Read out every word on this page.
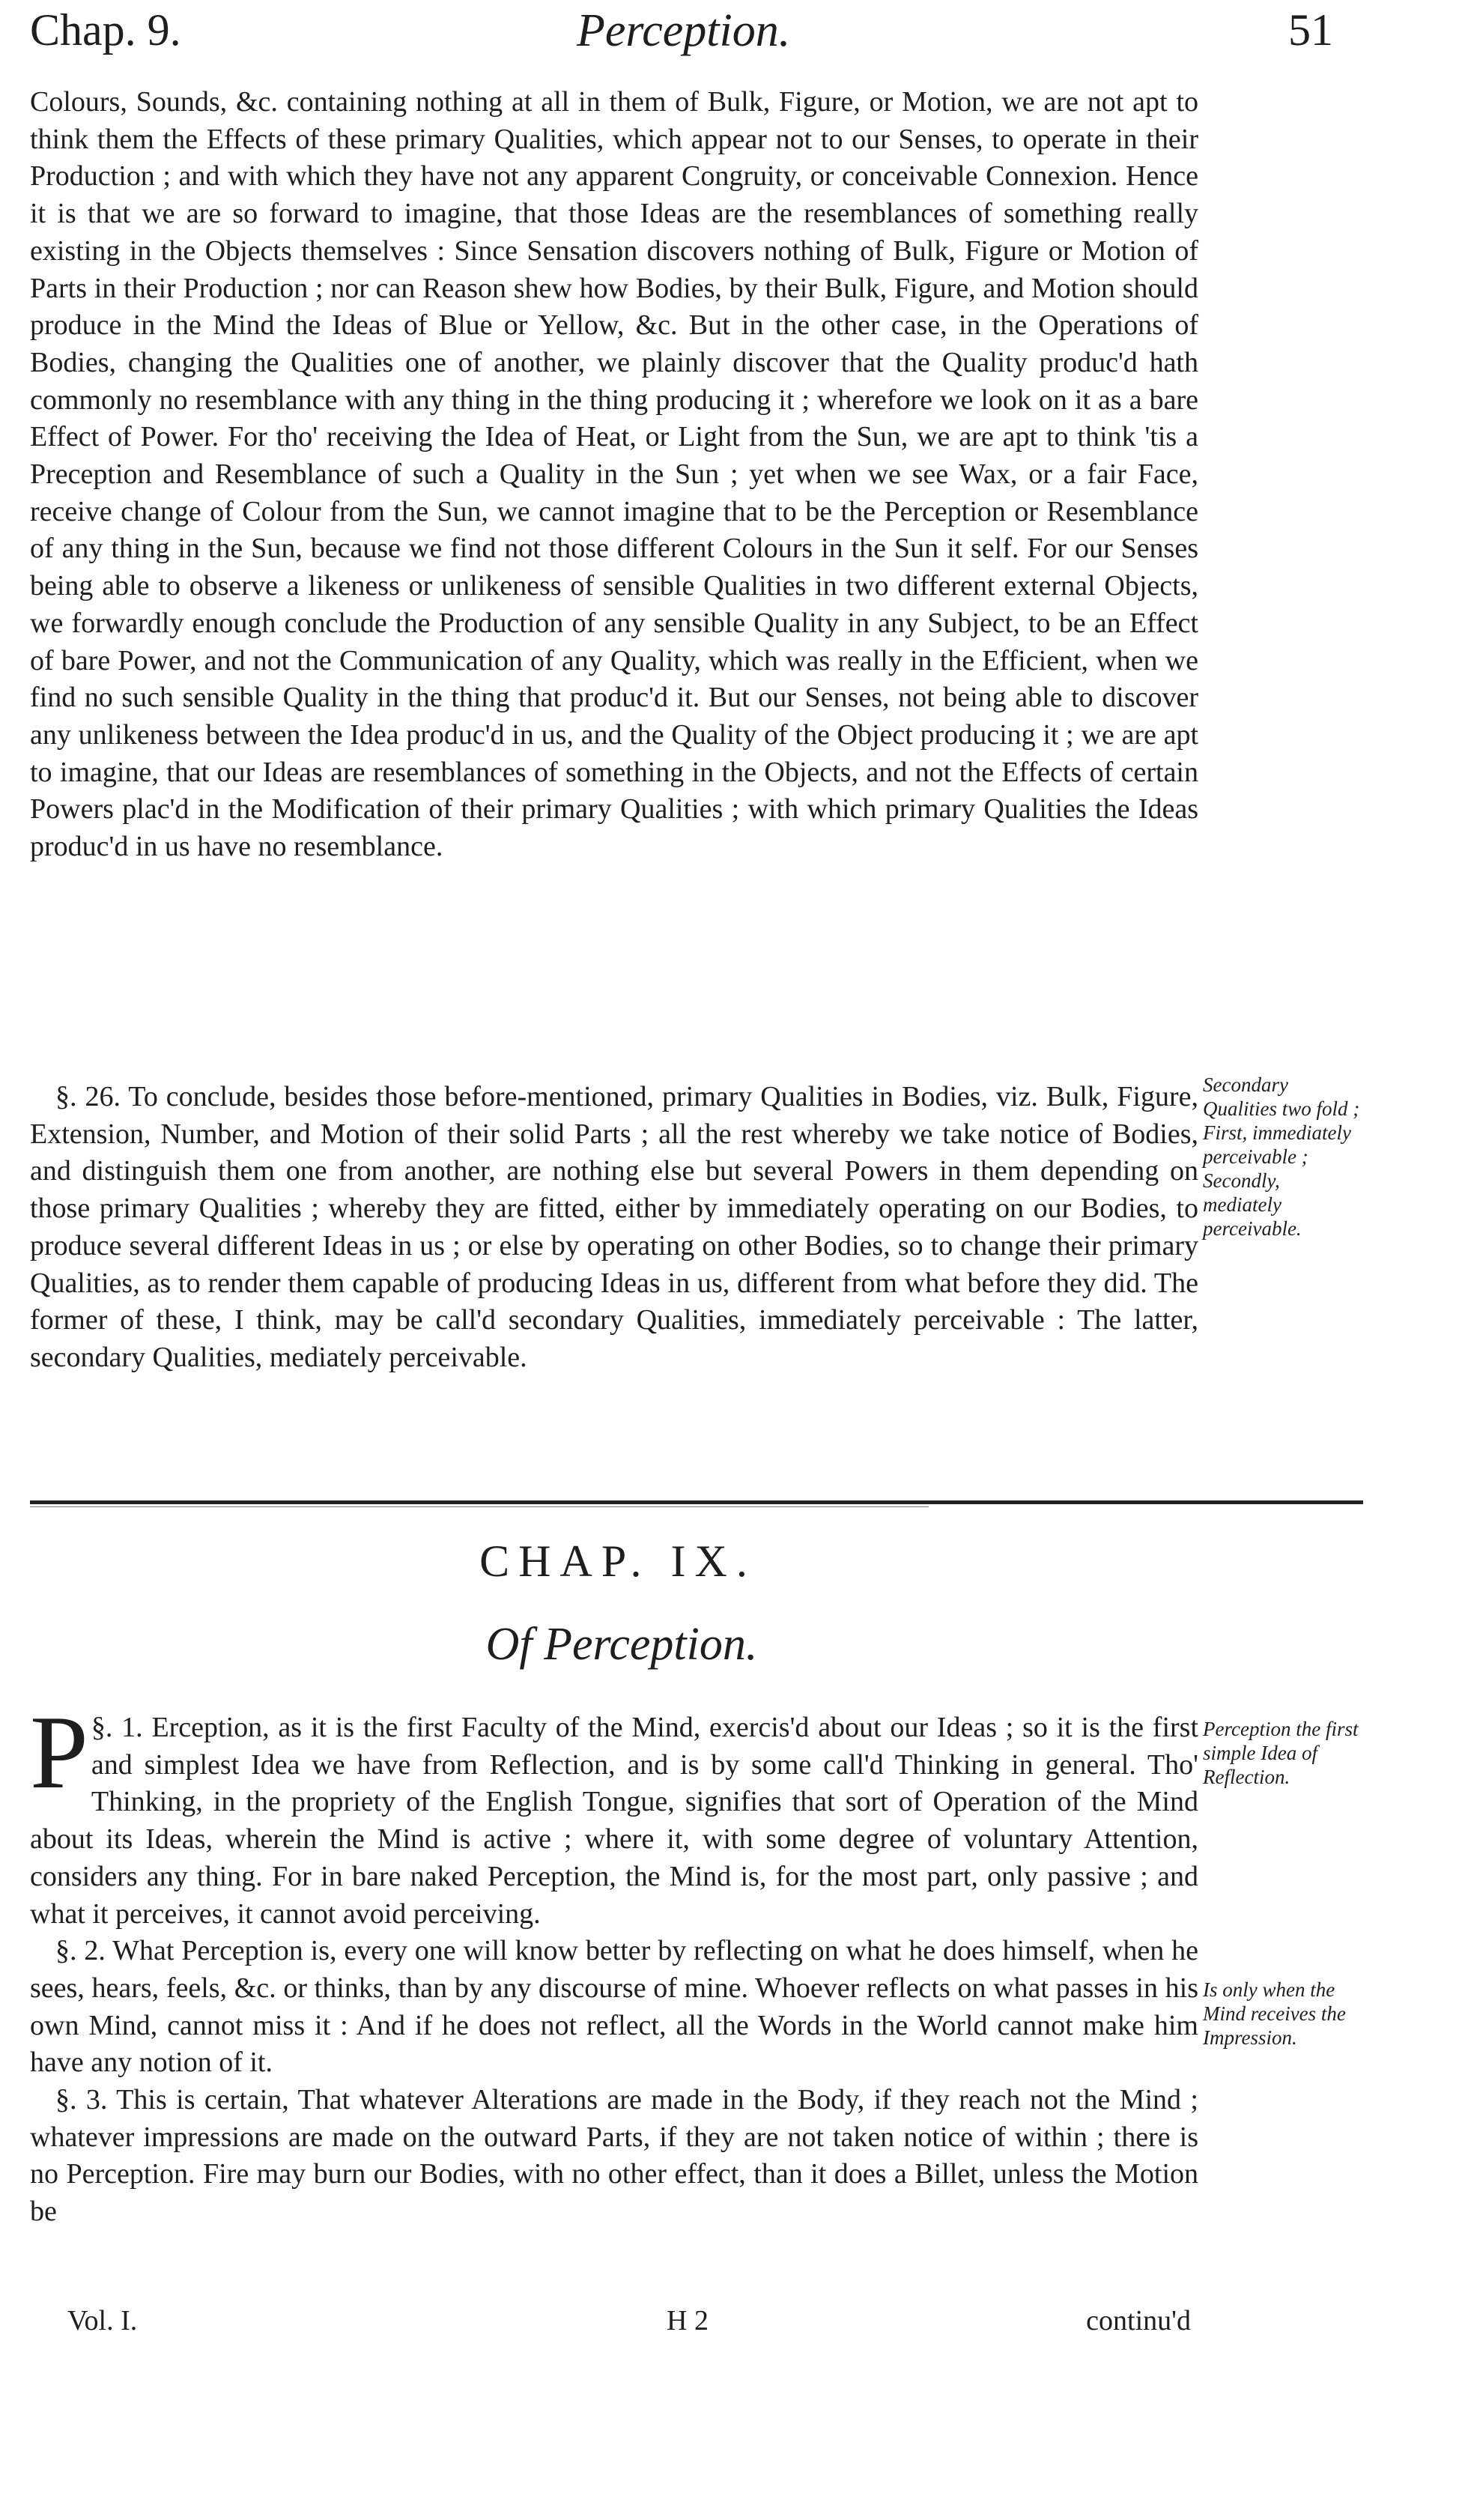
Chap. 9.	Perception.	51

Colours, Sounds, &c. containing nothing at all in them of Bulk, Figure, or Motion, we are not apt to think them the Effects of these primary Qualities, which appear not to our Senses, to operate in their Production ; and with which they have not any apparent Congruity, or conceivable Connexion. Hence it is that we are so forward to imagine, that those Ideas are the resemblances of something really existing in the Objects themselves : Since Sensation discovers nothing of Bulk, Figure or Motion of Parts in their Production ; nor can Reason shew how Bodies, by their Bulk, Figure, and Motion should produce in the Mind the Ideas of Blue or Yellow, &c. But in the other case, in the Operations of Bodies, changing the Qualities one of another, we plainly discover that the Quality produc'd hath commonly no resemblance with any thing in the thing producing it ; wherefore we look on it as a bare Effect of Power. For tho' receiving the Idea of Heat, or Light from the Sun, we are apt to think 'tis a Preception and Resemblance of such a Quality in the Sun ; yet when we see Wax, or a fair Face, receive change of Colour from the Sun, we cannot imagine that to be the Perception or Resemblance of any thing in the Sun, because we find not those different Colours in the Sun it self. For our Senses being able to observe a likeness or unlikeness of sensible Qualities in two different external Objects, we forwardly enough conclude the Production of any sensible Quality in any Subject, to be an Effect of bare Power, and not the Communication of any Quality, which was really in the Efficient, when we find no such sensible Quality in the thing that produc'd it. But our Senses, not being able to discover any unlikeness between the Idea produc'd in us, and the Quality of the Object producing it ; we are apt to imagine, that our Ideas are resemblances of something in the Objects, and not the Effects of certain Powers plac'd in the Modification of their primary Qualities ; with which primary Qualities the Ideas produc'd in us have no resemblance.

§. 26. To conclude, besides those before-mentioned, primary Qualities in Bodies, viz. Bulk, Figure, Extension, Number, and Motion of their solid Parts ; all the rest whereby we take notice of Bodies, and distinguish them one from another, are nothing else but several Powers in them depending on those primary Qualities ; whereby they are fitted, either by immediately operating on our Bodies, to produce several different Ideas in us ; or else by operating on other Bodies, so to change their primary Qualities, as to render them capable of producing Ideas in us, different from what before they did. The former of these, I think, may be call'd secondary Qualities, immediately perceivable : The latter, secondary Qualities, mediately perceivable.

Secondary Qualities two fold ; First, immediately perceivable ; Secondly, mediately perceivable.
CHAP. IX.
Of Perception.

§. 1.
P Erception, as it is the first Faculty of the Mind, exercis'd about our Ideas ; so it is the first and simplest Idea we have from Reflection, and is by some call'd Thinking in general. Tho' Thinking, in the propriety of the English Tongue, signifies that sort of Operation of the Mind about its Ideas, wherein the Mind is active ; where it, with some degree of voluntary Attention, considers any thing. For in bare naked Perception, the Mind is, for the most part, only passive ; and what it perceives, it cannot avoid perceiving.

§. 2. What Perception is, every one will know better by reflecting on what he does himself, when he sees, hears, feels, &c. or thinks, than by any discourse of mine. Whoever reflects on what passes in his own Mind, cannot miss it : And if he does not reflect, all the Words in the World cannot make him have any notion of it.

§. 3. This is certain, That whatever Alterations are made in the Body, if they reach not the Mind ; whatever impressions are made on the outward Parts, if they are not taken notice of within ; there is no Perception. Fire may burn our Bodies, with no other effect, than it does a Billet, unless the Motion be

Perception the first simple Idea of Reflection.
Is only when the Mind receives the Impression.
Vol. I.	H 2	continu'd
